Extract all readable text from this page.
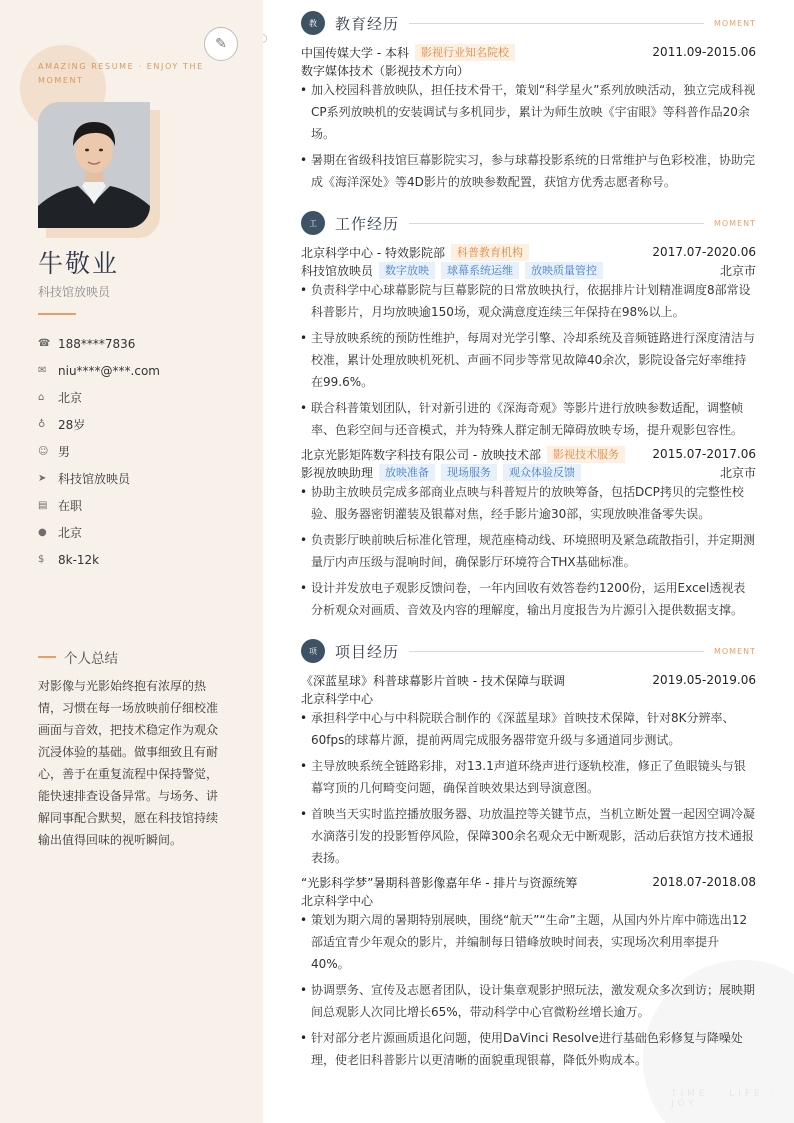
AMAZING RESUME · ENJOY THE MOMENT
✎
牛敬业
科技馆放映员
☎ 188****7836
✉ niu****@***.com
⌂	北京
♁	28岁
☺ 男
➤ 科技馆放映员
▤ 在职
● 北京
$	8k-12k
个人总结
对影像与光影始终抱有浓厚的热情，习惯在每一场放映前仔细校准画面与音效，把技术稳定作为观众沉浸体验的基础。做事细致且有耐心，善于在重复流程中保持警觉，能快速排查设备异常。与场务、讲解同事配合默契，愿在科技馆持续输出值得回味的视听瞬间。
TIME · LIFE · JOY
教	教育经历	MOMENT
中国传媒大学 - 本科	影视行业知名院校	2011.09-2015.06
数字媒体技术（影视技术方向）
• 加入校园科普放映队，担任技术骨干，策划“科学星火”系列放映活动，独立完成科视CP系列放映机的安装调试与多机同步，累计为师生放映《宇宙眼》等科普作品20余场。
• 暑期在省级科技馆巨幕影院实习，参与球幕投影系统的日常维护与色彩校准，协助完成《海洋深处》等4D影片的放映参数配置，获馆方优秀志愿者称号。
工	工作经历	MOMENT
北京科学中心 - 特效影院部	科普教育机构	2017.07-2020.06
科技馆放映员	数字放映	球幕系统运维	放映质量管控	北京市
• 负责科学中心球幕影院与巨幕影院的日常放映执行，依据排片计划精准调度8部常设科普影片，月均放映逾150场，观众满意度连续三年保持在98%以上。
• 主导放映系统的预防性维护，每周对光学引擎、冷却系统及音频链路进行深度清洁与校准，累计处理放映机死机、声画不同步等常见故障40余次，影院设备完好率维持在99.6%。
• 联合科普策划团队，针对新引进的《深海奇观》等影片进行放映参数适配，调整帧率、色彩空间与还音模式，并为特殊人群定制无障碍放映专场，提升观影包容性。
北京光影矩阵数字科技有限公司 - 放映技术部	影视技术服务	2015.07-2017.06
影视放映助理	放映准备	现场服务	观众体验反馈	北京市
• 协助主放映员完成多部商业点映与科普短片的放映筹备，包括DCP拷贝的完整性校验、服务器密钥灌装及银幕对焦，经手影片逾30部，实现放映准备零失误。
• 负责影厅映前映后标准化管理，规范座椅动线、环境照明及紧急疏散指引，并定期测量厅内声压级与混响时间，确保影厅环境符合THX基础标准。
• 设计并发放电子观影反馈问卷，一年内回收有效答卷约1200份，运用Excel透视表分析观众对画质、音效及内容的理解度，输出月度报告为片源引入提供数据支撑。
项	项目经历	MOMENT
《深蓝星球》科普球幕影片首映 - 技术保障与联调	2019.05-2019.06
北京科学中心
• 承担科学中心与中科院联合制作的《深蓝星球》首映技术保障，针对8K分辨率、60fps的球幕片源，提前两周完成服务器带宽升级与多通道同步测试。
• 主导放映系统全链路彩排，对13.1声道环绕声进行逐轨校准，修正了鱼眼镜头与银幕穹顶的几何畸变问题，确保首映效果达到导演意图。
• 首映当天实时监控播放服务器、功放温控等关键节点，当机立断处置一起因空调冷凝水滴落引发的投影暂停风险，保障300余名观众无中断观影，活动后获馆方技术通报表扬。
“光影科学梦”暑期科普影像嘉年华 - 排片与资源统筹	2018.07-2018.08
北京科学中心
• 策划为期六周的暑期特别展映，围绕“航天”“生命”主题，从国内外片库中筛选出12部适宜青少年观众的影片，并编制每日错峰放映时间表，实现场次利用率提升40%。
• 协调票务、宣传及志愿者团队，设计集章观影护照玩法，激发观众多次到访；展映期间总观影人次同比增长65%，带动科学中心官微粉丝增长逾万。
• 针对部分老片源画质退化问题，使用DaVinci Resolve进行基础色彩修复与降噪处理，使老旧科普影片以更清晰的面貌重现银幕，降低外购成本。
